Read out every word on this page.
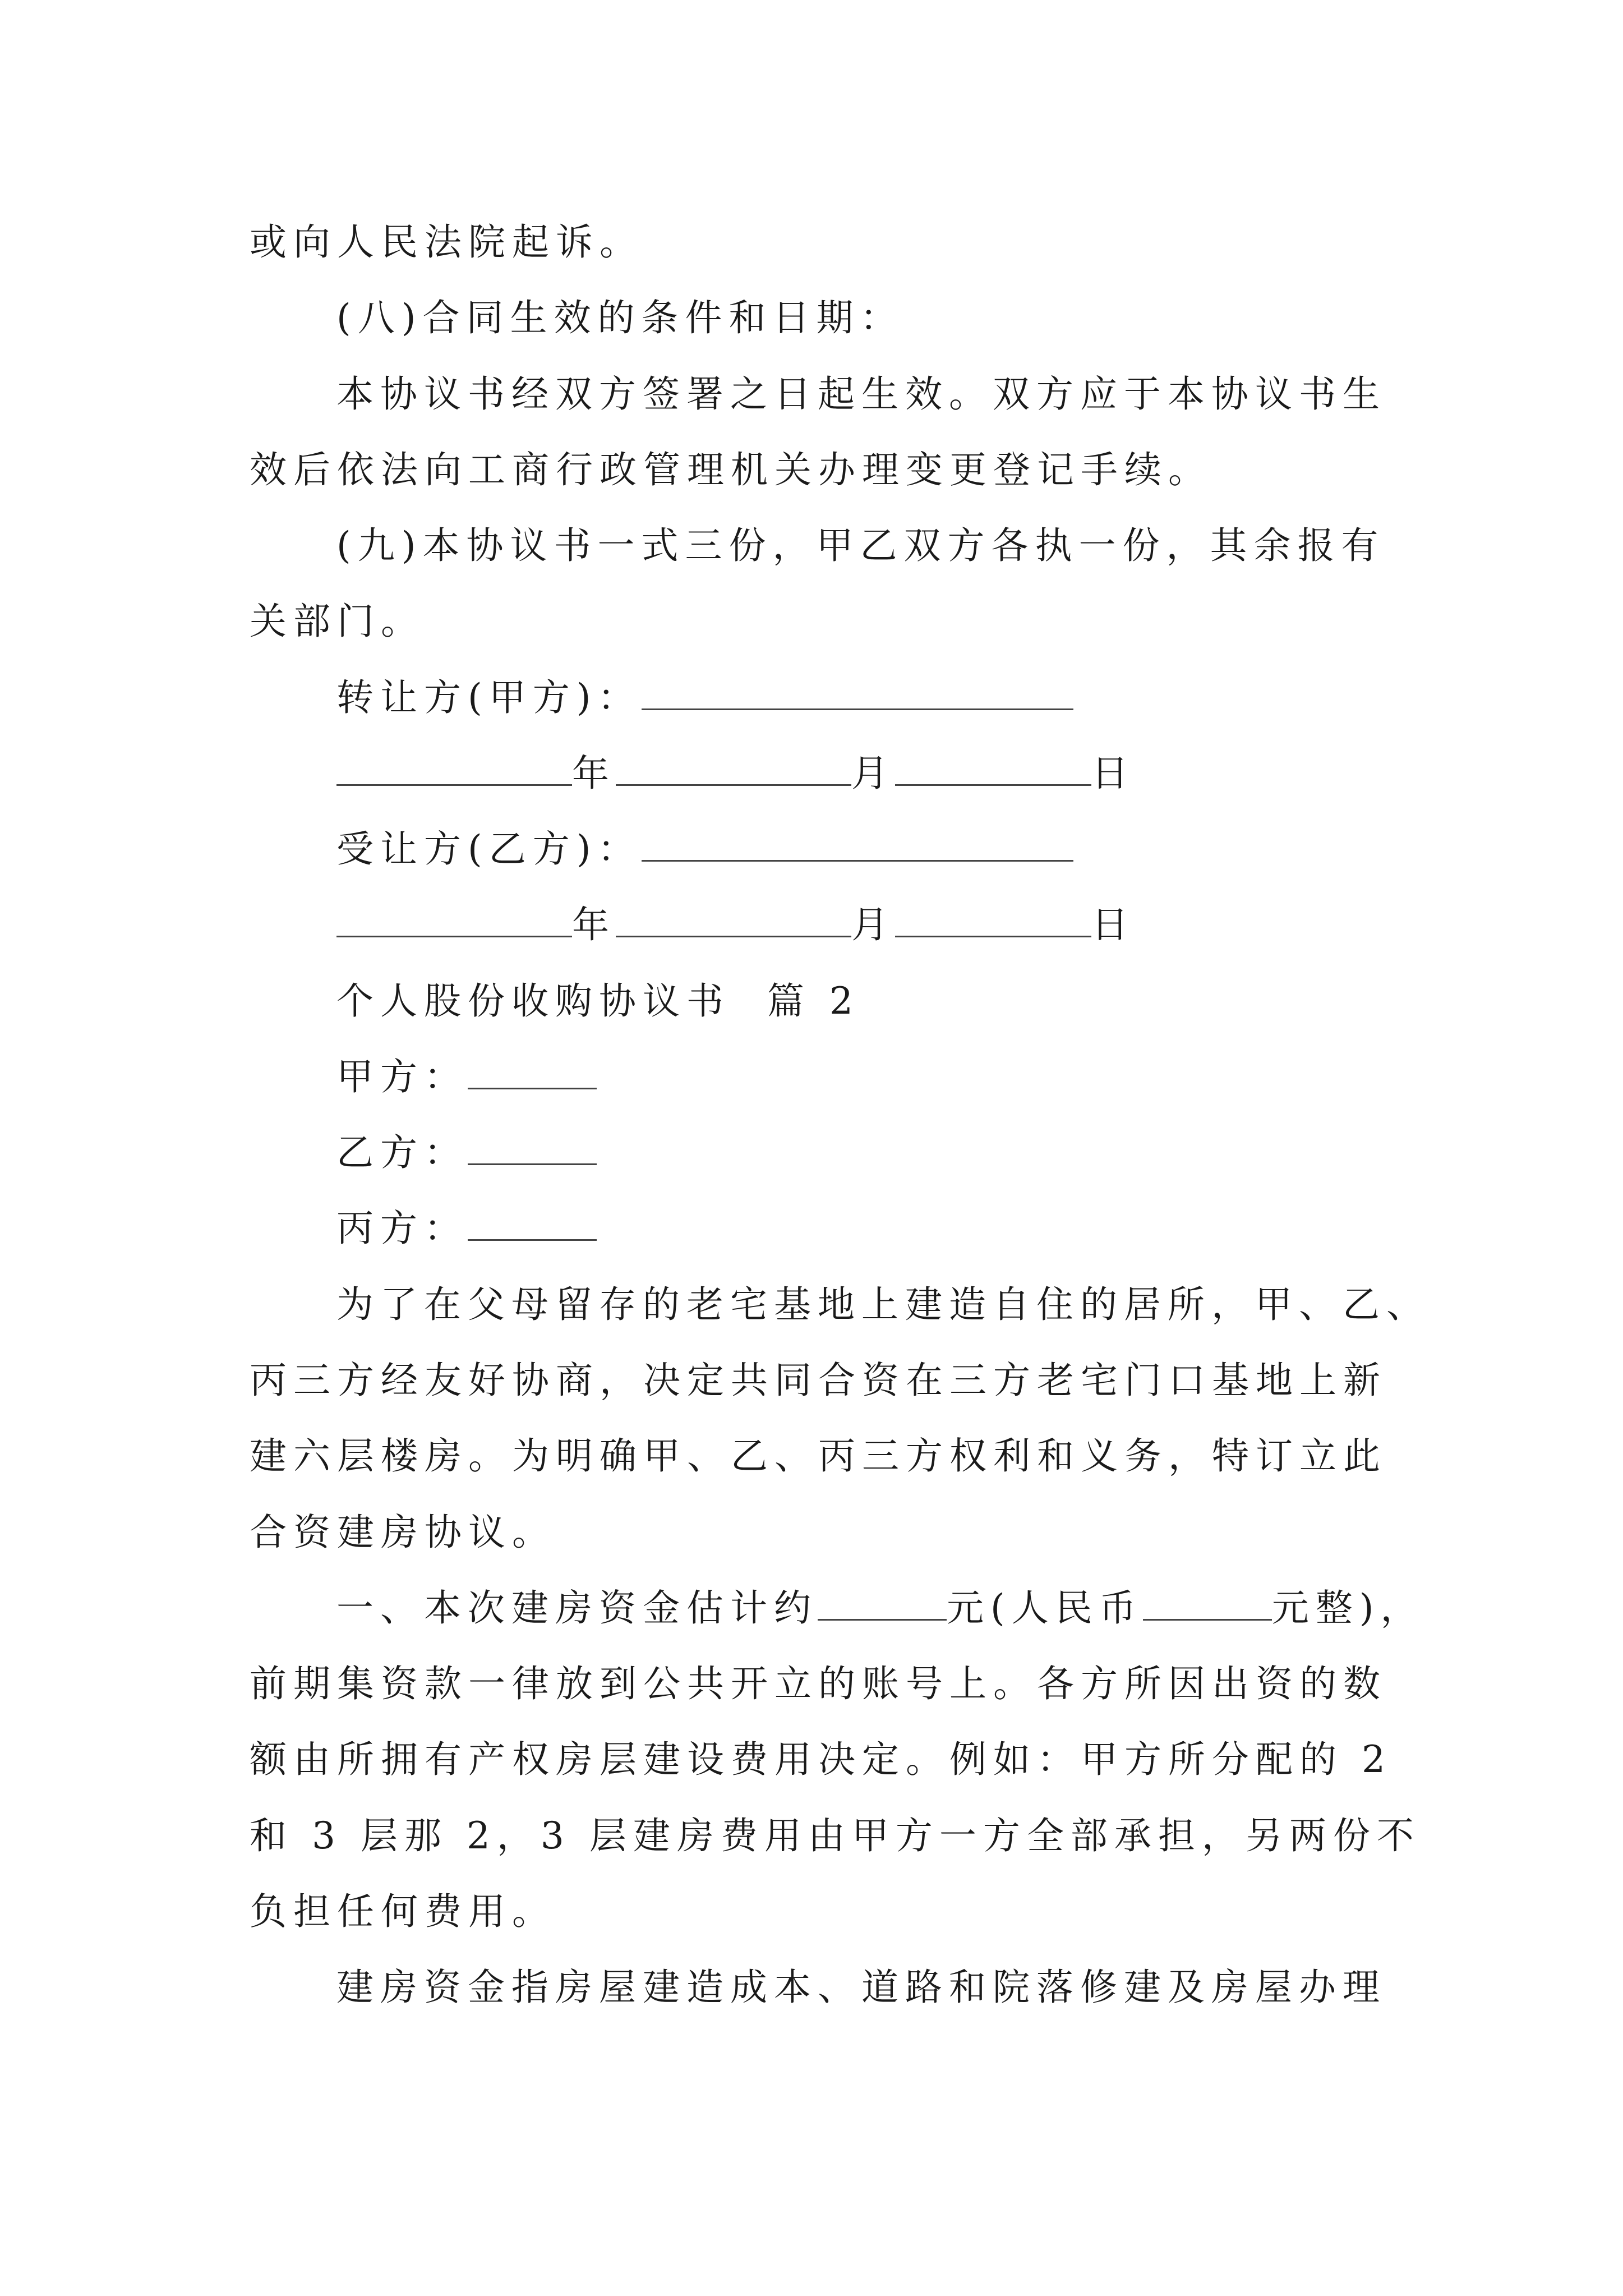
或向人民法院起诉。
(八)合同生效的条件和日期：
本协议书经双方签署之日起生效。双方应于本协议书生
效后依法向工商行政管理机关办理变更登记手续。
(九)本协议书一式三份，甲乙双方各执一份，其余报有
关部门。
转让方(甲方)：
年	月	日
受让方(乙方)：
年	月	日
个人股份收购协议书  篇 2
甲方：
乙方：
丙方：
为了在父母留存的老宅基地上建造自住的居所，甲、乙、
丙三方经友好协商，决定共同合资在三方老宅门口基地上新
建六层楼房。为明确甲、乙、丙三方权利和义务，特订立此
合资建房协议。
一、本次建房资金估计约	元(人民币	元整)，
前期集资款一律放到公共开立的账号上。各方所因出资的数
额由所拥有产权房层建设费用决定。例如：甲方所分配的 2
和 3 层那 2，3 层建房费用由甲方一方全部承担，另两份不
负担任何费用。
建房资金指房屋建造成本、道路和院落修建及房屋办理
